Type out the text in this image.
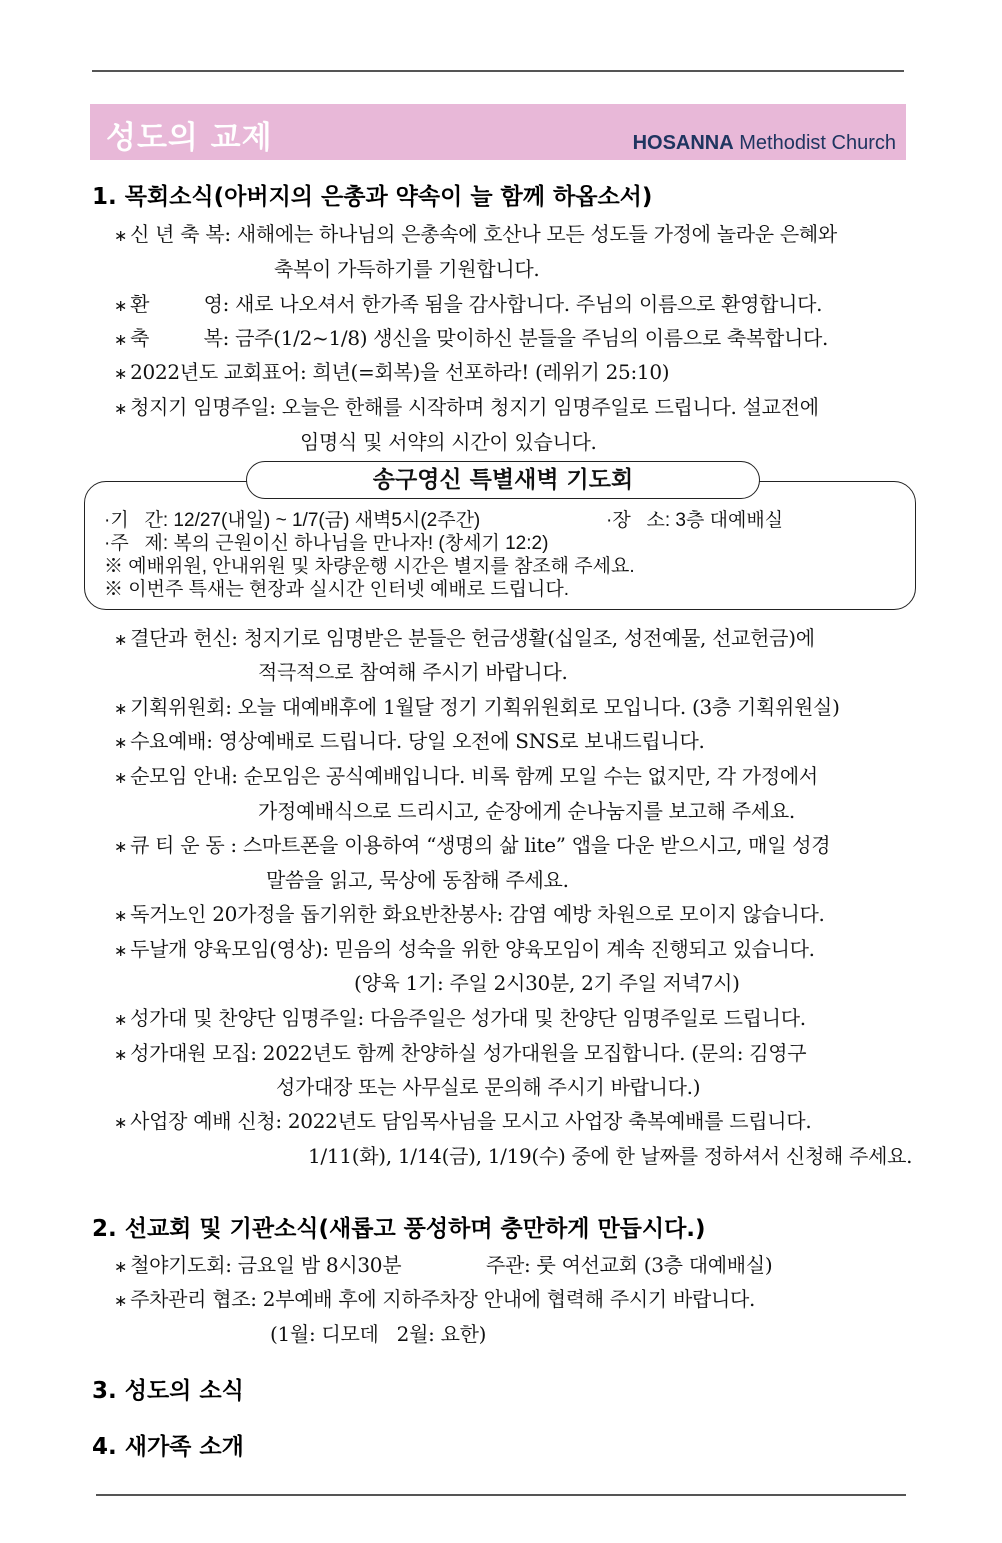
성도의 교제	HOSANNA Methodist Church
1. 목회소식(아버지의 은총과 약속이 늘 함께 하옵소서)
∗ 신 년 축 복: 새해에는 하나님의 은총속에 호산나 모든 성도들 가정에 놀라운 은혜와
축복이 가득하기를 기원합니다.
∗ 환         영: 새로 나오셔서 한가족 됨을 감사합니다. 주님의 이름으로 환영합니다.
∗ 축         복: 금주(1/2~1/8) 생신을 맞이하신 분들을 주님의 이름으로 축복합니다.
∗ 2022년도 교회표어: 희년(=회복)을 선포하라! (레위기 25:10)
∗ 청지기 임명주일: 오늘은 한해를 시작하며 청지기 임명주일로 드립니다. 설교전에
임명식 및 서약의 시간이 있습니다.
송구영신 특별새벽 기도회
·기   간: 12/27(내일) ~ 1/7(금) 새벽5시(2주간)	·장   소: 3층 대예배실
·주   제: 복의 근원이신 하나님을 만나자! (창세기 12:2)
※ 예배위원, 안내위원 및 차량운행 시간은 별지를 참조해 주세요.
※ 이번주 특새는 현장과 실시간 인터넷 예배로 드립니다.
∗ 결단과 헌신: 청지기로 임명받은 분들은 헌금생활(십일조, 성전예물, 선교헌금)에
적극적으로 참여해 주시기 바랍니다.
∗ 기획위원회: 오늘 대예배후에 1월달 정기 기획위원회로 모입니다. (3층 기획위원실)
∗ 수요예배: 영상예배로 드립니다. 당일 오전에 SNS로 보내드립니다.
∗ 순모임 안내: 순모임은 공식예배입니다. 비록 함께 모일 수는 없지만, 각 가정에서
가정예배식으로 드리시고, 순장에게 순나눔지를 보고해 주세요.
∗ 큐 티 운 동 : 스마트폰을 이용하여 “생명의 삶 lite” 앱을 다운 받으시고, 매일 성경
말씀을 읽고, 묵상에 동참해 주세요.
∗ 독거노인 20가정을 돕기위한 화요반찬봉사: 감염 예방 차원으로 모이지 않습니다.
∗ 두날개 양육모임(영상): 믿음의 성숙을 위한 양육모임이 계속 진행되고 있습니다.
(양육 1기: 주일 2시30분, 2기 주일 저녁7시)
∗ 성가대 및 찬양단 임명주일: 다음주일은 성가대 및 찬양단 임명주일로 드립니다.
∗ 성가대원 모집: 2022년도 함께 찬양하실 성가대원을 모집합니다. (문의: 김영구
성가대장 또는 사무실로 문의해 주시기 바랍니다.)
∗ 사업장 예배 신청: 2022년도 담임목사님을 모시고 사업장 축복예배를 드립니다.
1/11(화), 1/14(금), 1/19(수) 중에 한 날짜를 정하셔서 신청해 주세요.
2. 선교회 및 기관소식(새롭고 풍성하며 충만하게 만듭시다.)
∗ 철야기도회: 금요일 밤 8시30분	주관: 룻 여선교회 (3층 대예배실)
∗ 주차관리 협조: 2부예배 후에 지하주차장 안내에 협력해 주시기 바랍니다.
(1월: 디모데   2월: 요한)
3. 성도의 소식
4. 새가족 소개
